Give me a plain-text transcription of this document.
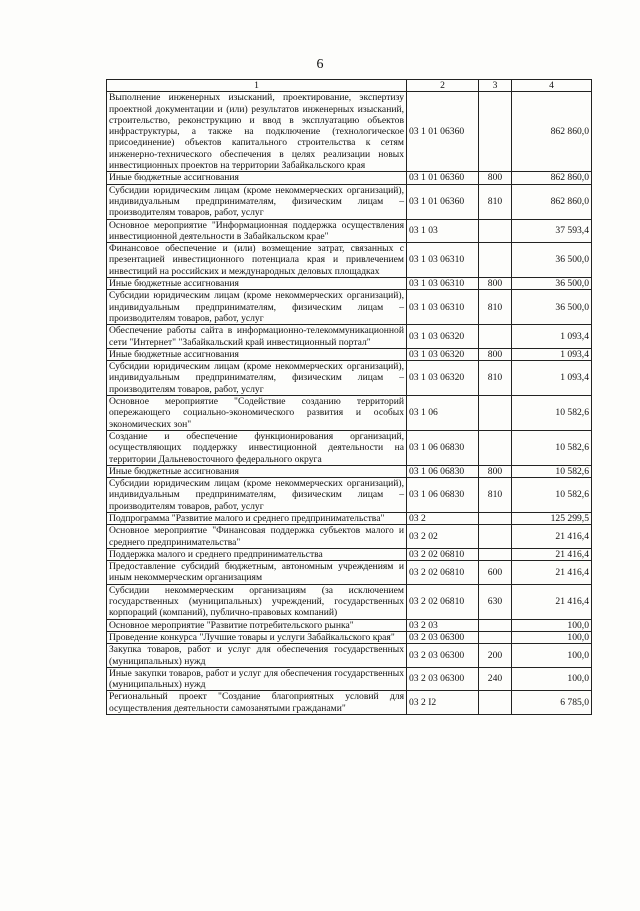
6
1	2	3	4
Выполнение инженерных изысканий, проектирование, экспертизу проектной документации и (или) результатов инженерных изысканий, строительство, реконструкцию и ввод в эксплуатацию объектов инфраструктуры, а также на подключение (технологическое присоединение) объектов капитального строительства к сетям инженерно-технического обеспечения в целях реализации новых инвестиционных проектов на территории Забайкальского края	03 1 01 06360		862 860,0
Иные бюджетные ассигнования	03 1 01 06360	800	862 860,0
Субсидии юридическим лицам (кроме некоммерческих организаций), индивидуальным предпринимателям, физическим лицам – производителям товаров, работ, услуг	03 1 01 06360	810	862 860,0
Основное мероприятие "Информационная поддержка осуществления инвестиционной деятельности в Забайкальском крае"	03 1 03		37 593,4
Финансовое обеспечение и (или) возмещение затрат, связанных с презентацией инвестиционного потенциала края и привлечением инвестиций на российских и международных деловых площадках	03 1 03 06310		36 500,0
Иные бюджетные ассигнования	03 1 03 06310	800	36 500,0
Субсидии юридическим лицам (кроме некоммерческих организаций), индивидуальным предпринимателям, физическим лицам – производителям товаров, работ, услуг	03 1 03 06310	810	36 500,0
Обеспечение работы сайта в информационно-телекоммуникационной сети "Интернет" "Забайкальский край инвестиционный портал"	03 1 03 06320		1 093,4
Иные бюджетные ассигнования	03 1 03 06320	800	1 093,4
Субсидии юридическим лицам (кроме некоммерческих организаций), индивидуальным предпринимателям, физическим лицам – производителям товаров, работ, услуг	03 1 03 06320	810	1 093,4
Основное мероприятие "Содействие созданию территорий опережающего социально-экономического развития и особых экономических зон"	03 1 06		10 582,6
Создание и обеспечение функционирования организаций, осуществляющих поддержку инвестиционной деятельности на территории Дальневосточного федерального округа	03 1 06 06830		10 582,6
Иные бюджетные ассигнования	03 1 06 06830	800	10 582,6
Субсидии юридическим лицам (кроме некоммерческих организаций), индивидуальным предпринимателям, физическим лицам – производителям товаров, работ, услуг	03 1 06 06830	810	10 582,6
Подпрограмма "Развитие малого и среднего предпринимательства"	03 2		125 299,5
Основное мероприятие "Финансовая поддержка субъектов малого и среднего предпринимательства"	03 2 02		21 416,4
Поддержка малого и среднего предпринимательства	03 2 02 06810		21 416,4
Предоставление субсидий бюджетным, автономным учреждениям и иным некоммерческим организациям	03 2 02 06810	600	21 416,4
Субсидии некоммерческим организациям (за исключением государственных (муниципальных) учреждений, государственных корпораций (компаний), публично-правовых компаний)	03 2 02 06810	630	21 416,4
Основное мероприятие "Развитие потребительского рынка"	03 2 03		100,0
Проведение конкурса "Лучшие товары и услуги Забайкальского края"	03 2 03 06300		100,0
Закупка товаров, работ и услуг для обеспечения государственных (муниципальных) нужд	03 2 03 06300	200	100,0
Иные закупки товаров, работ и услуг для обеспечения государственных (муниципальных) нужд	03 2 03 06300	240	100,0
Региональный проект "Создание благоприятных условий для осуществления деятельности самозанятыми гражданами"	03 2 I2		6 785,0
